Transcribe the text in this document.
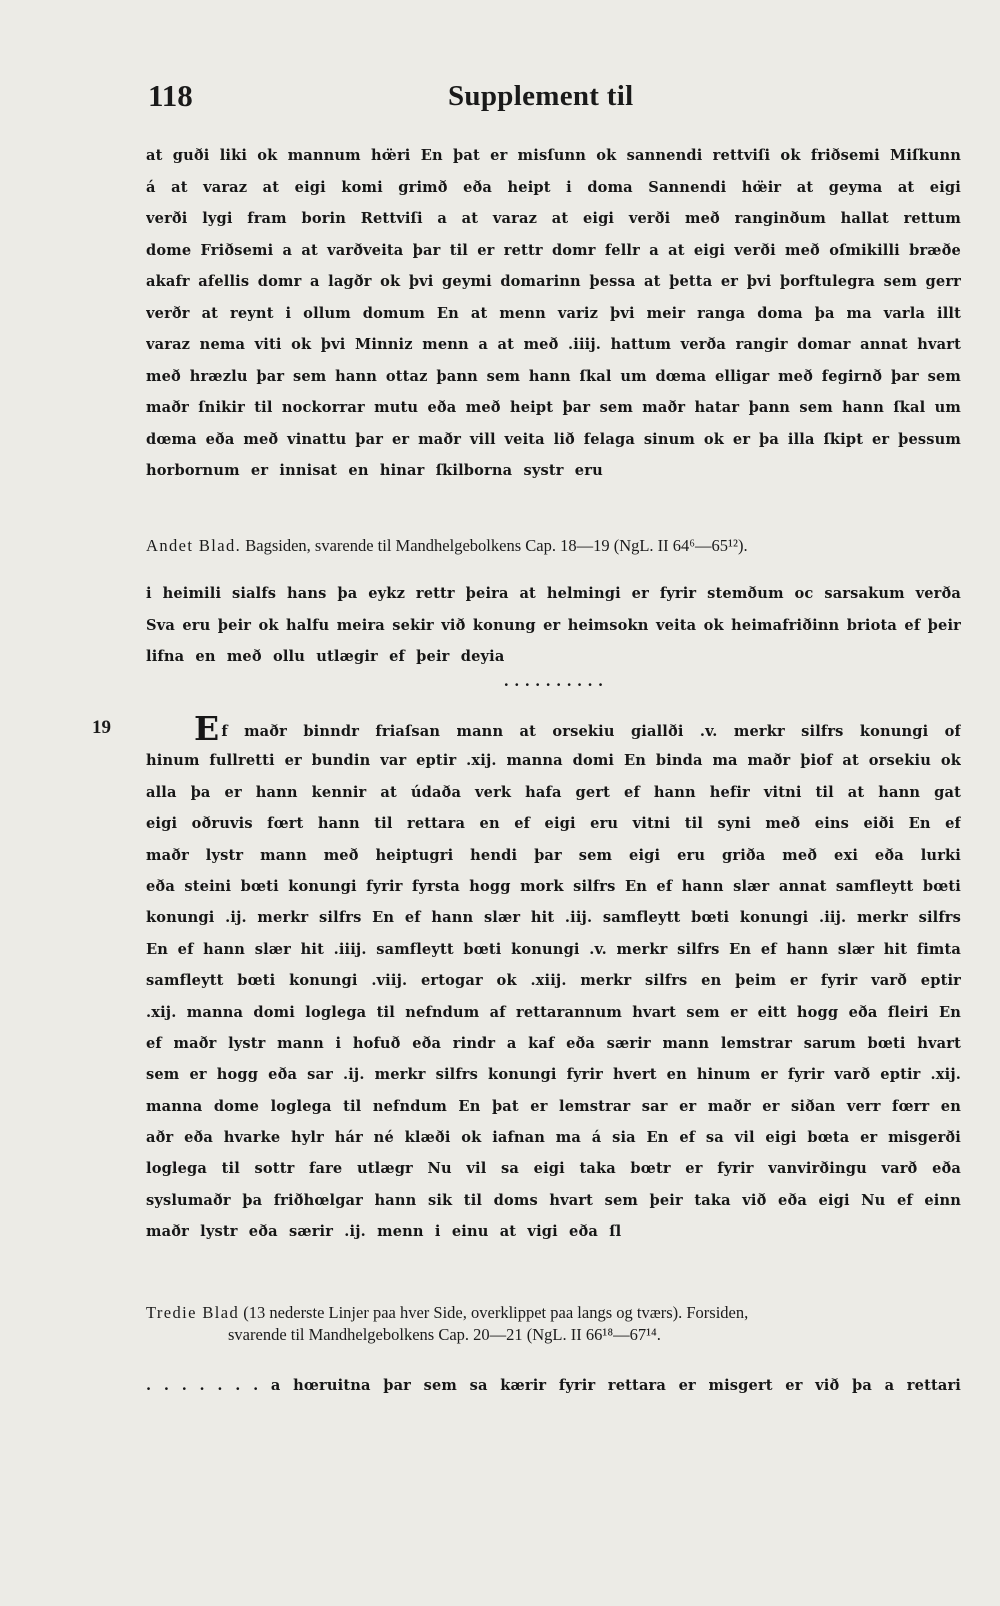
118	Supplement til
at guði liki ok mannum hœ̈ri En þat er misſunn ok sannendi rettviſi ok friðsemi Miſkunn
á at varaz at eigi komi grimð eða heipt i doma Sannendi hœ̈ir at geyma at eigi
verði lygi fram borin Rettviſi a at varaz at eigi verði með ranginðum hallat rettum
dome Friðsemi a at varðveita þar til er rettr domr fellr a at eigi verði með oſmikilli bræðe
akafr afellis domr a lagðr ok þvi geymi domarinn þessa at þetta er þvi þorftulegra sem gerr
verðr at reynt i ollum domum En at menn variz þvi meir ranga doma þa ma varla illt
varaz nema viti ok þvi Minniz menn a at með .iiij. hattum verða rangir domar annat hvart
með hræzlu þar sem hann ottaz þann sem hann ſkal um dœma elligar með fegirnð þar sem
maðr ſnikir til nockorrar mutu eða með heipt þar sem maðr hatar þann sem hann ſkal um
dœma eða með vinattu þar er maðr vill veita lið felaga sinum ok er þa illa ſkipt er þessum
horbornum er innisat en hinar ſkilborna systr eru
Andet Blad. Bagsiden, svarende til Mandhelgebolkens Cap. 18—19 (NgL. II 64⁶—65¹²).
i heimili sialfs hans þa eykz rettr þeira at helmingi er fyrir stemðum oc sarsakum verða
Sva eru þeir ok halfu meira sekir við konung er heimsokn veita ok heimafriðinn briota ef þeir
lifna en með ollu utlægir ef þeir deyia
· · · · · · · · · ·
19	Ef maðr binndr friaſsan mann at orsekiu giallði .v. merkr silfrs konungi of
hinum fullretti er bundin var eptir .xij. manna domi En binda ma maðr þiof at orsekiu ok
alla þa er hann kennir at údaða verk hafa gert ef hann hefir vitni til at hann gat
eigi oðruvis fœrt hann til rettara en ef eigi eru vitni til syni með eins eiði En ef
maðr lystr mann með heiptugri hendi þar sem eigi eru griða með exi eða lurki
eða steini bœti konungi fyrir fyrsta hogg mork silfrs En ef hann slær annat samfleytt bœti
konungi .ij. merkr silfrs En ef hann slær hit .iij. samfleytt bœti konungi .iij. merkr silfrs
En ef hann slær hit .iiij. samfleytt bœti konungi .v. merkr silfrs En ef hann slær hit fimta
samfleytt bœti konungi .viij. ertogar ok .xiij. merkr silfrs en þeim er fyrir varð eptir
.xij. manna domi loglega til nefndum af rettarannum hvart sem er eitt hogg eða fleiri En
ef maðr lystr mann i hofuð eða rindr a kaf eða særir mann lemstrar sarum bœti hvart
sem er hogg eða sar .ij. merkr silfrs konungi fyrir hvert en hinum er fyrir varð eptir .xij.
manna dome loglega til nefndum En þat er lemstrar sar er maðr er siðan verr fœrr en
aðr eða hvarke hylr hár né klæði ok iafnan ma á sia En ef sa vil eigi bœta er misgerði
loglega til sottr fare utlægr Nu vil sa eigi taka bœtr er fyrir vanvirðingu varð eða
syslumaðr þa friðhœlgar hann sik til doms hvart sem þeir taka við eða eigi Nu ef einn
maðr lystr eða særir .ij. menn i einu at vigi eða ſl
Tredie Blad (13 nederste Linjer paa hver Side, overklippet paa langs og tværs). Forsiden,
svarende til Mandhelgebolkens Cap. 20—21 (NgL. II 66¹⁸—67¹⁴.
. . . . . . . a hœruitna þar sem sa kærir fyrir rettara er misgert er við þa a rettari
